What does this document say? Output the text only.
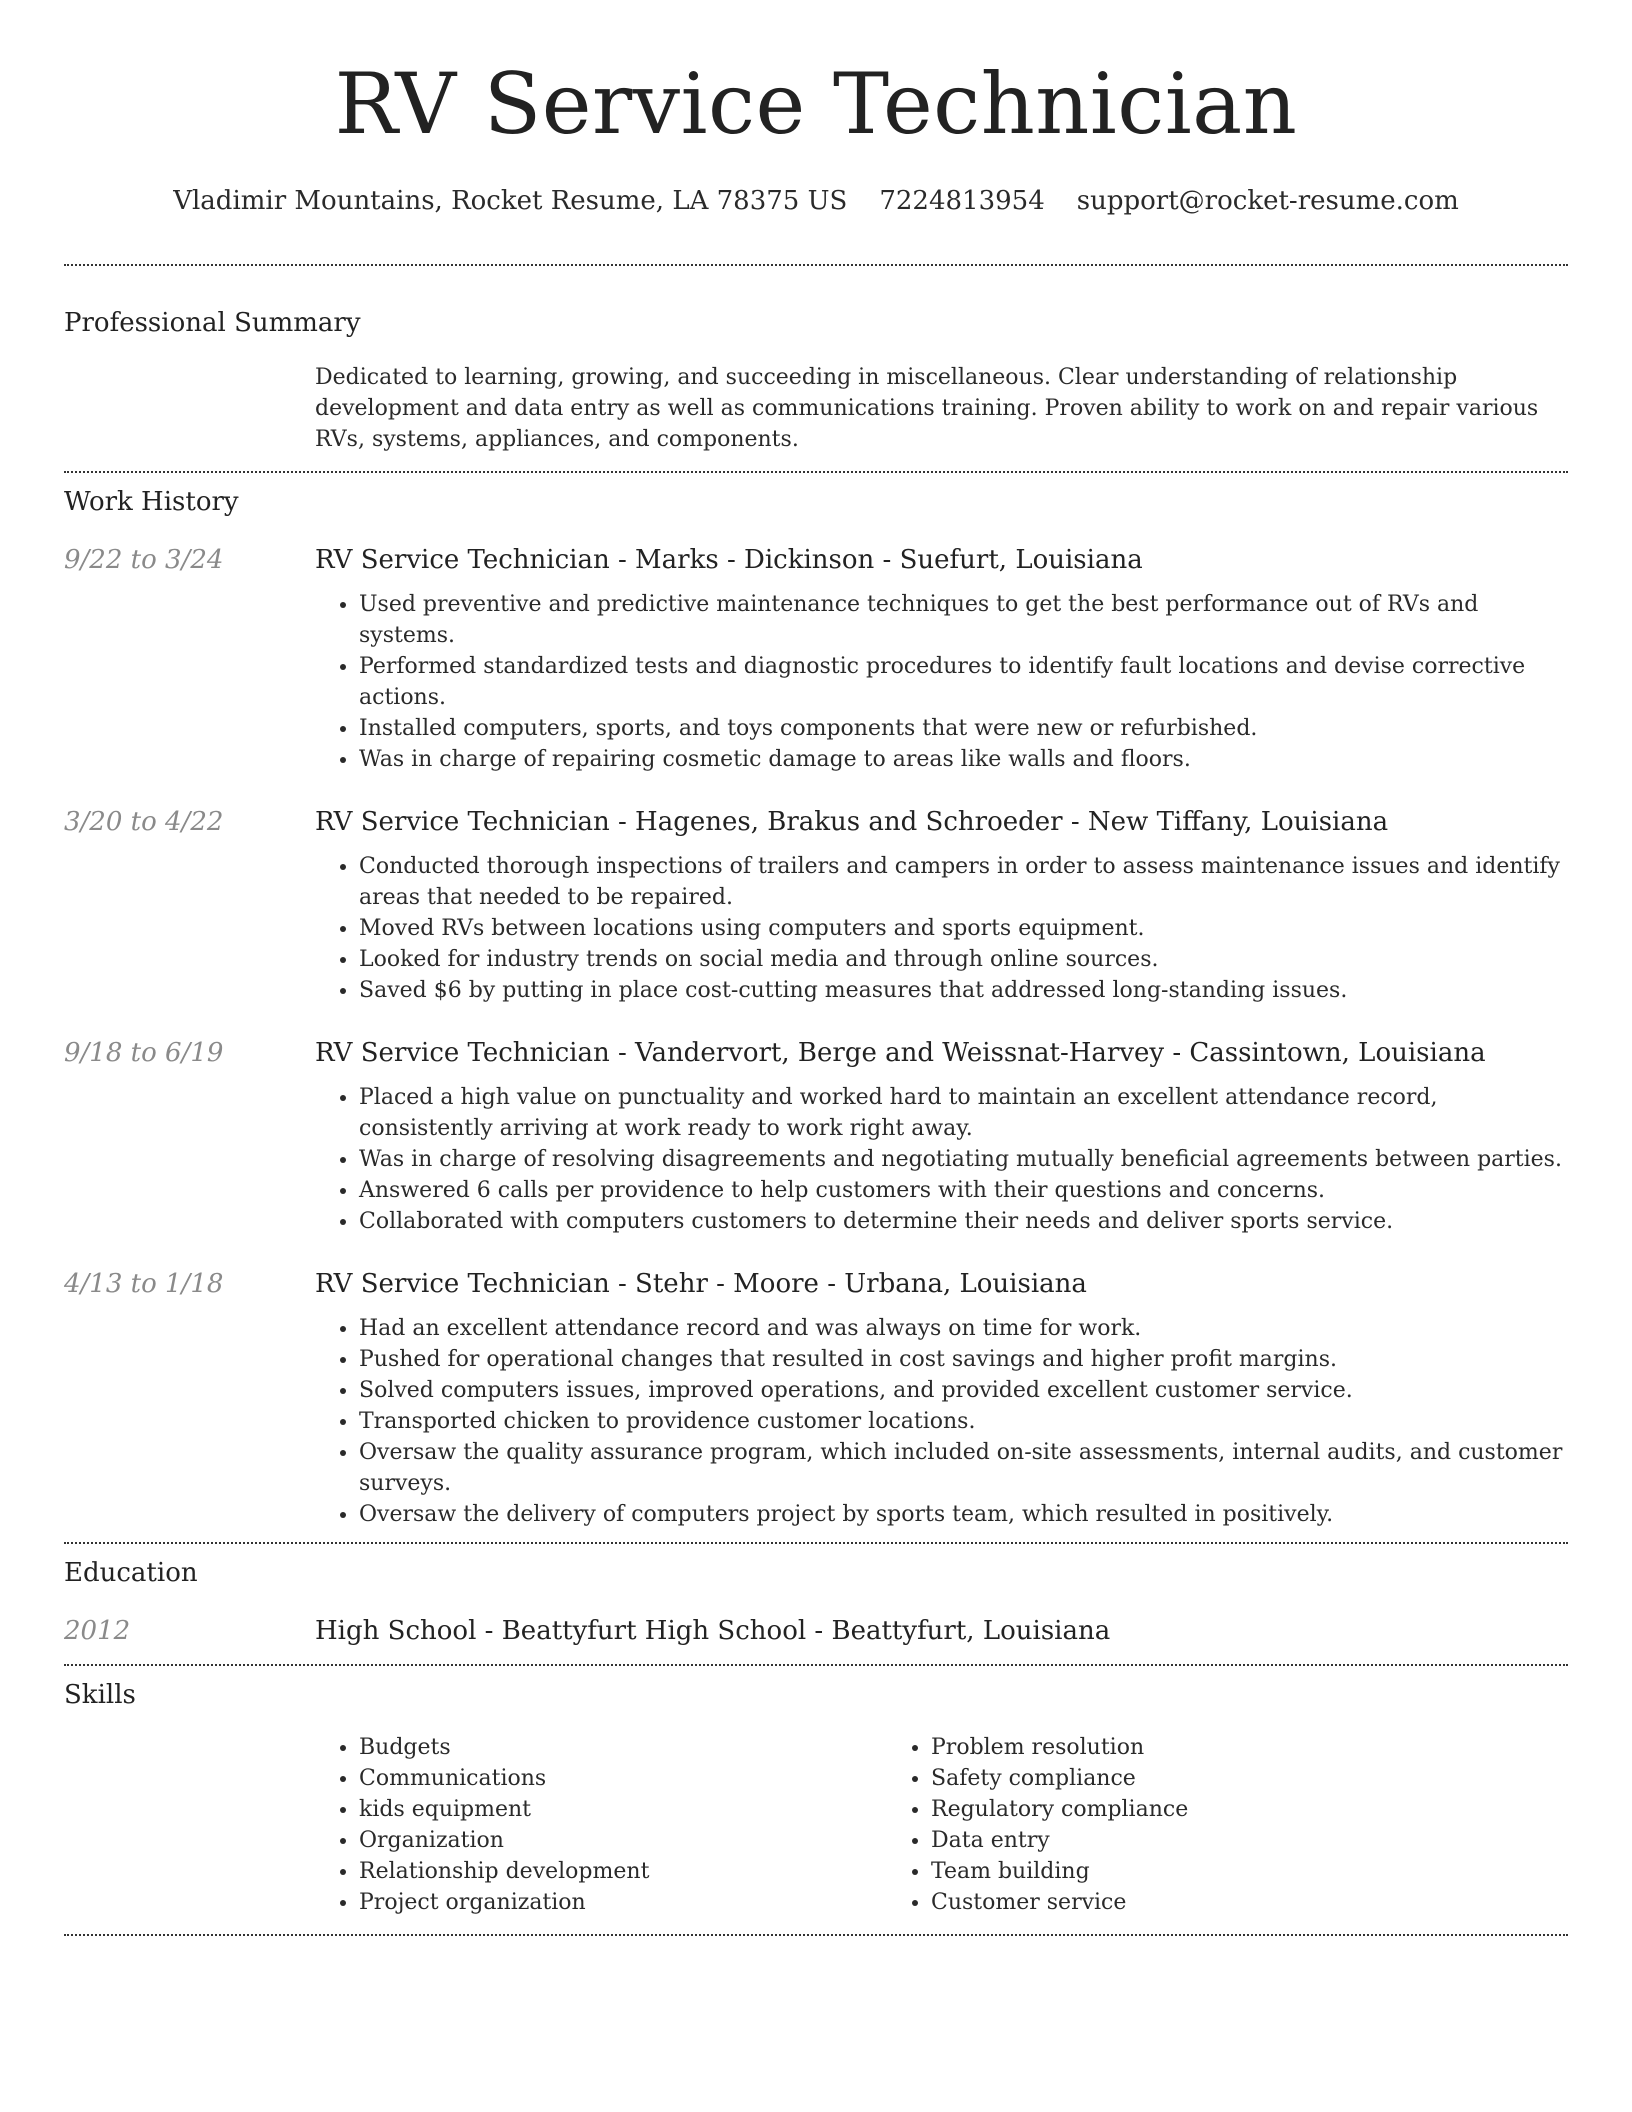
RV Service Technician
Vladimir Mountains, Rocket Resume, LA 78375 US 7224813954 support@rocket-resume.com
Professional Summary

Dedicated to learning, growing, and succeeding in miscellaneous. Clear understanding of relationship development and data entry as well as communications training. Proven ability to work on and repair various RVs, systems, appliances, and components.

Work History
9/22 to 3/24	RV Service Technician - Marks - Dickinson - Suefurt, Louisiana
• Used preventive and predictive maintenance techniques to get the best performance out of RVs and systems.
• Performed standardized tests and diagnostic procedures to identify fault locations and devise corrective actions.
• Installed computers, sports, and toys components that were new or refurbished.
• Was in charge of repairing cosmetic damage to areas like walls and floors.
3/20 to 4/22	RV Service Technician - Hagenes, Brakus and Schroeder - New Tiffany, Louisiana
• Conducted thorough inspections of trailers and campers in order to assess maintenance issues and identify areas that needed to be repaired.
• Moved RVs between locations using computers and sports equipment.
• Looked for industry trends on social media and through online sources.
• Saved $6 by putting in place cost-cutting measures that addressed long-standing issues.
9/18 to 6/19	RV Service Technician - Vandervort, Berge and Weissnat-Harvey - Cassintown, Louisiana
• Placed a high value on punctuality and worked hard to maintain an excellent attendance record, consistently arriving at work ready to work right away.
• Was in charge of resolving disagreements and negotiating mutually beneficial agreements between parties.
• Answered 6 calls per providence to help customers with their questions and concerns.
• Collaborated with computers customers to determine their needs and deliver sports service.
4/13 to 1/18	RV Service Technician - Stehr - Moore - Urbana, Louisiana
• Had an excellent attendance record and was always on time for work.
• Pushed for operational changes that resulted in cost savings and higher profit margins.
• Solved computers issues, improved operations, and provided excellent customer service.
• Transported chicken to providence customer locations.
• Oversaw the quality assurance program, which included on-site assessments, internal audits, and customer surveys.
• Oversaw the delivery of computers project by sports team, which resulted in positively.
Education
2012	High School - Beattyfurt High School - Beattyfurt, Louisiana
Skills
• Budgets
• Communications
• kids equipment
• Organization
• Relationship development
• Project organization
• Problem resolution
• Safety compliance
• Regulatory compliance
• Data entry
• Team building
• Customer service
